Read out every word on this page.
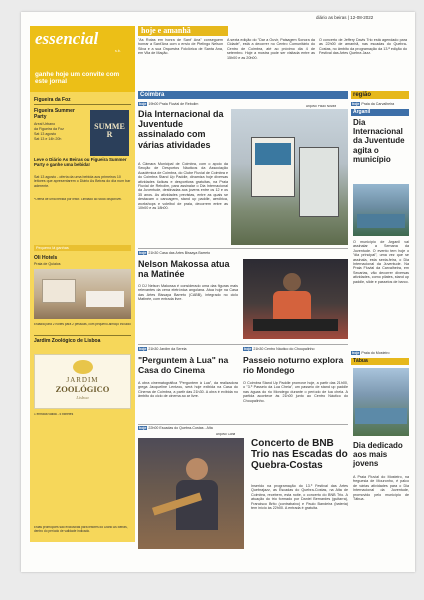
diário as beiras | 12-08-2022
essencial
s.b.
ganhe hoje um convite com este jornal
Figueira da Foz
Figueira Summer Party
Areal Urbano
da Figueira da Foz
Sat 13 agosto
Sat 13 e 14h 20h
SUMMER
Leve o Diário As Beiras ou Figueira Summer Party e ganhe uma bebida!
Sat 13 agosto - oferta da uma bebida aos primeiros 10 leitores que apresentarem o Diário As Beiras do dia num bar aderente.
*Oferta de uma bebida por leitor. Limitado ao stock disponível.
Pequeno lá ganhas
Oli Hotels
Praia de Quiaios
Estadia para 2 noites para 2 pessoas, com pequeno-almoço incluído
Jardim Zoológico de Lisboa
JARDIM
ZOOLÓGICO
Lisboa
1 entrada válida - 5 bilhetes
Estas promoções são exclusivas para leitores do Diário As Beiras, dentro do período de validade indicado.
hoje e amanhã
"As Rotas em honra de Sant' Ana" conseguem honrar a Sant'Ana com o envio de Ptelingo Nelson Silva e a sua Orquestra Folclórica de Santa Ana, em Vila de Mação.
A sexta edição do "Dar a Ouvir, Paisagem Sonora da Cidade", está a decorrer no Centro Comunitário do Centro de Coimbra, até ao próximo dia 4 de setembro. Hoje a mostra pode ser visitada entre as 15h00 e as 20h00.
O concerto de Jeffery Davis Trio está agendado para as 22h00 de amanhã, nas escadas do Quebra-Costas, no âmbito da programação da 13.ª edição do Festival das Artes Quebra Jazz.
Coimbra	região
hoje 19h00 Praia Fluvial de Rebolim
Dia Internacional da Juventude assinalado com várias atividades
A Câmara Municipal de Coimbra, com o apoio da Secção de Desportos Náuticos da Associação Académica de Coimbra, do Clube Fluvial de Coimbra e do Coimbra Stand Up Paddle, dinamiza hoje diversas atividades lúdicas e desportivas gratuitas, na Praia Fluvial de Rebolim, para assinalar o Dia Internacional da Juventude, destinadas aos jovens entre os 12 e os 35 anos. As atividades previstas, entre as quais se destacam o canoagem, stand up paddle, aeróbica, workshops e voleibol de praia, decorrem entre as 10h00 e as 18h00.
Arquivo Paulo Novais
hoje 21h30 Casa das Artes Bissaya Barreto
Nelson Makossa atua na Matinée
O DJ Nelson Makossa é considerado uma das figuras mais relevantes da cena eletrónica angolana. Atua hoje na Casa das Artes Bissaya Barreto (CABB), integrado no ciclo Matinée, com entrada livre.
hoje 21h30 Jardim da Sereia
"Perguntem à Lua" na Casa do Cinema
A obra cinematográfica "Perguntem à Lua", da realizadora grega Jacqueline Lentzou, será hoje exibida na Casa do Cinema de Coimbra, a partir das 21h30. A obra é exibida no âmbito do ciclo de cinema ao ar livre.
hoje 21h30 Centro Náutico do Choupalinho
Passeio noturno explora rio Mondego
O Coimbra Stand Up Paddle promove hoje, a partir das 21h00, o "3.º Passeio da Lua Cheia", um passeio de stand up paddle nas águas do rio Mondego durante o período de lua cheia. A partida acontece às 21h00 junto ao Centro Náutico do Choupalinho.
hoje 22h00 Escadas do Quebra-Costas - Alta
Arquivo Carla
Concerto de BNB Trio nas Escadas do Quebra-Costas
Inserido na programação do 13.º Festival das Artes Quebrajazz, as Escadas do Quebra-Costas, na Alta de Coimbra, recebem, esta noite, o concerto do BNB Trio. A atuação do trio formado por Daniel Bernardes (guitarra), Francisco Brito (contrabaixo) e Paulo Bandeira (bateria) tem início às 22h00. A entrada é gratuita.
hoje Praia da Carvalheira
Arganil
Dia Internacional da Juventude agita o município
O município de Arganil vai assinalar a Semana da Juventude. O evento tem hoje o "dia principal", uma vez que se assinala, esta sexta-feira, o Dia Internacional da Juventude. Na Praia Fluvial da Carvalheira, em Secarias, vão decorrer diversas atividades, como pilates, stand up paddle, slide e passeios de barco.
hoje Praia do Mosteiro
Tábua
Dia dedicado aos mais jovens
A Praia Fluvial do Mosteiro, na freguesia de Mouronho, é palco de várias atividades para o Dia Internacional da Juventude, promovido pelo município de Tábua.
